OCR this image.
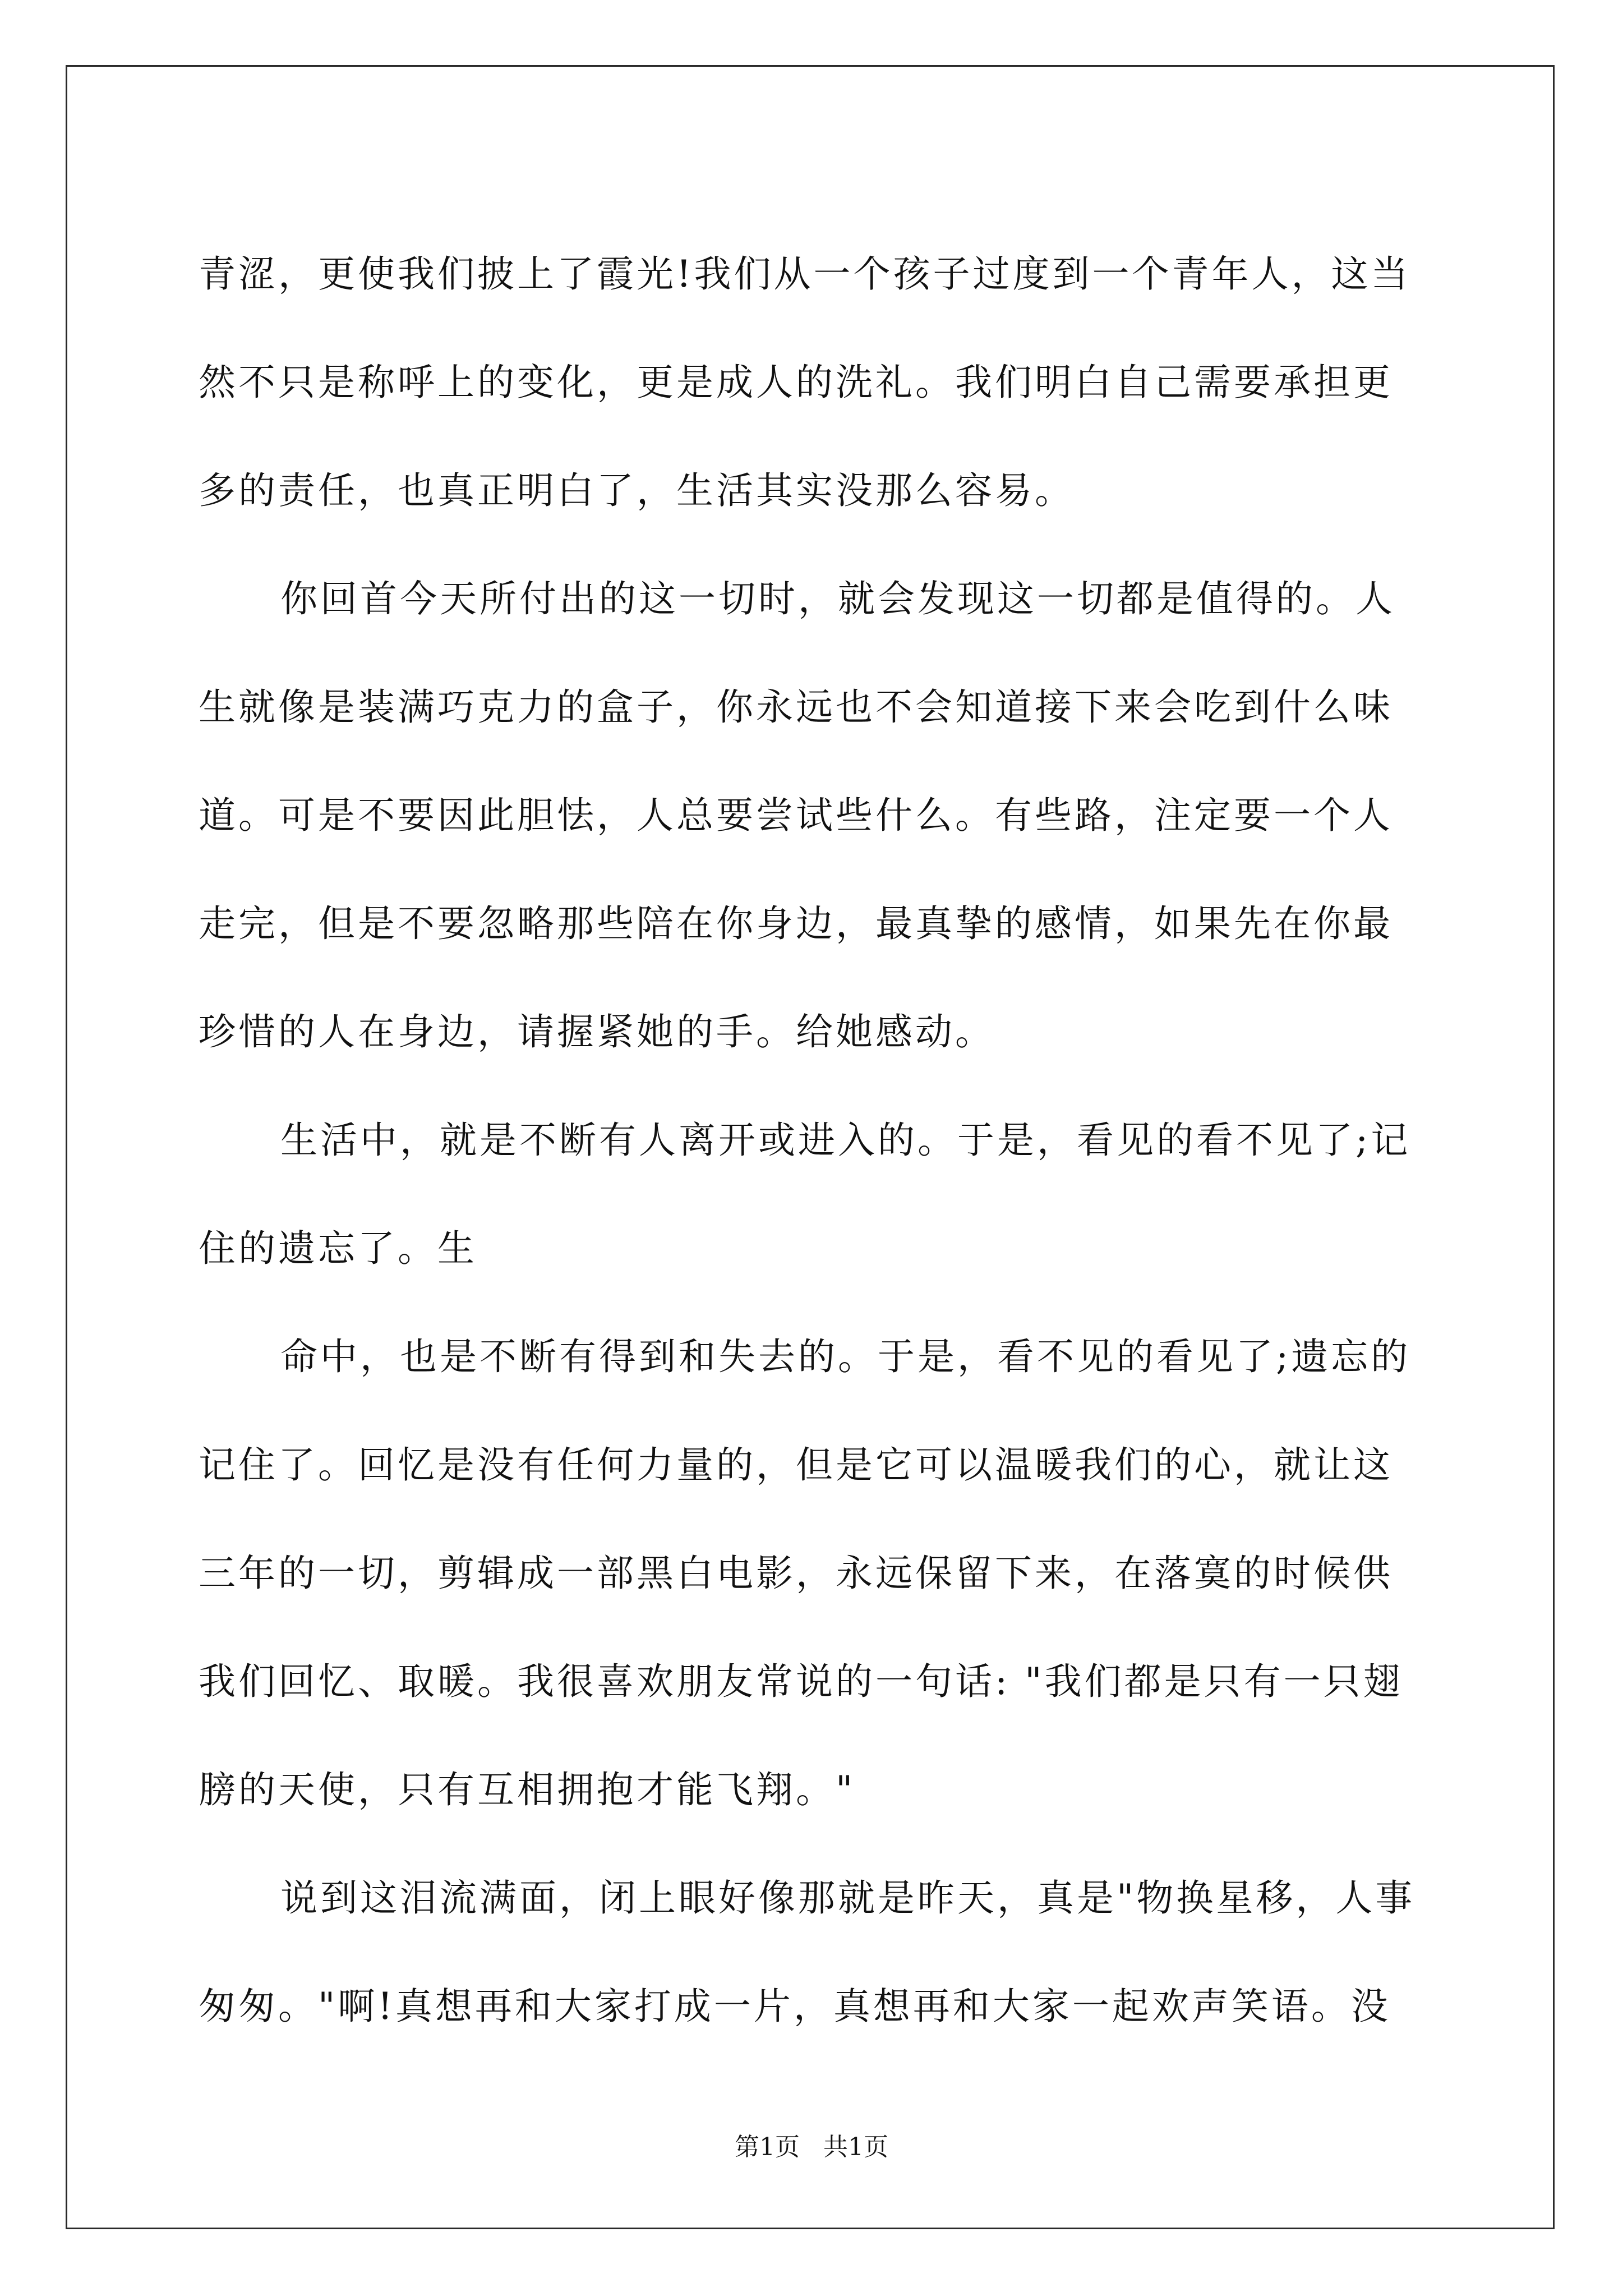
青涩，更使我们披上了霞光!我们从一个孩子过度到一个青年人，这当
然不只是称呼上的变化，更是成人的洗礼。我们明白自己需要承担更
多的责任，也真正明白了，生活其实没那么容易。
你回首今天所付出的这一切时，就会发现这一切都是值得的。人
生就像是装满巧克力的盒子，你永远也不会知道接下来会吃到什么味
道。可是不要因此胆怯，人总要尝试些什么。有些路，注定要一个人
走完，但是不要忽略那些陪在你身边，最真挚的感情，如果先在你最
珍惜的人在身边，请握紧她的手。给她感动。
生活中，就是不断有人离开或进入的。于是，看见的看不见了;记
住的遗忘了。生
命中，也是不断有得到和失去的。于是，看不见的看见了;遗忘的
记住了。回忆是没有任何力量的，但是它可以温暖我们的心，就让这
三年的一切，剪辑成一部黑白电影，永远保留下来，在落寞的时候供
我们回忆、取暖。我很喜欢朋友常说的一句话: "我们都是只有一只翅
膀的天使，只有互相拥抱才能飞翔。"
说到这泪流满面，闭上眼好像那就是昨天，真是"物换星移，人事
匆匆。"啊!真想再和大家打成一片，真想再和大家一起欢声笑语。没
第1页   共1页
